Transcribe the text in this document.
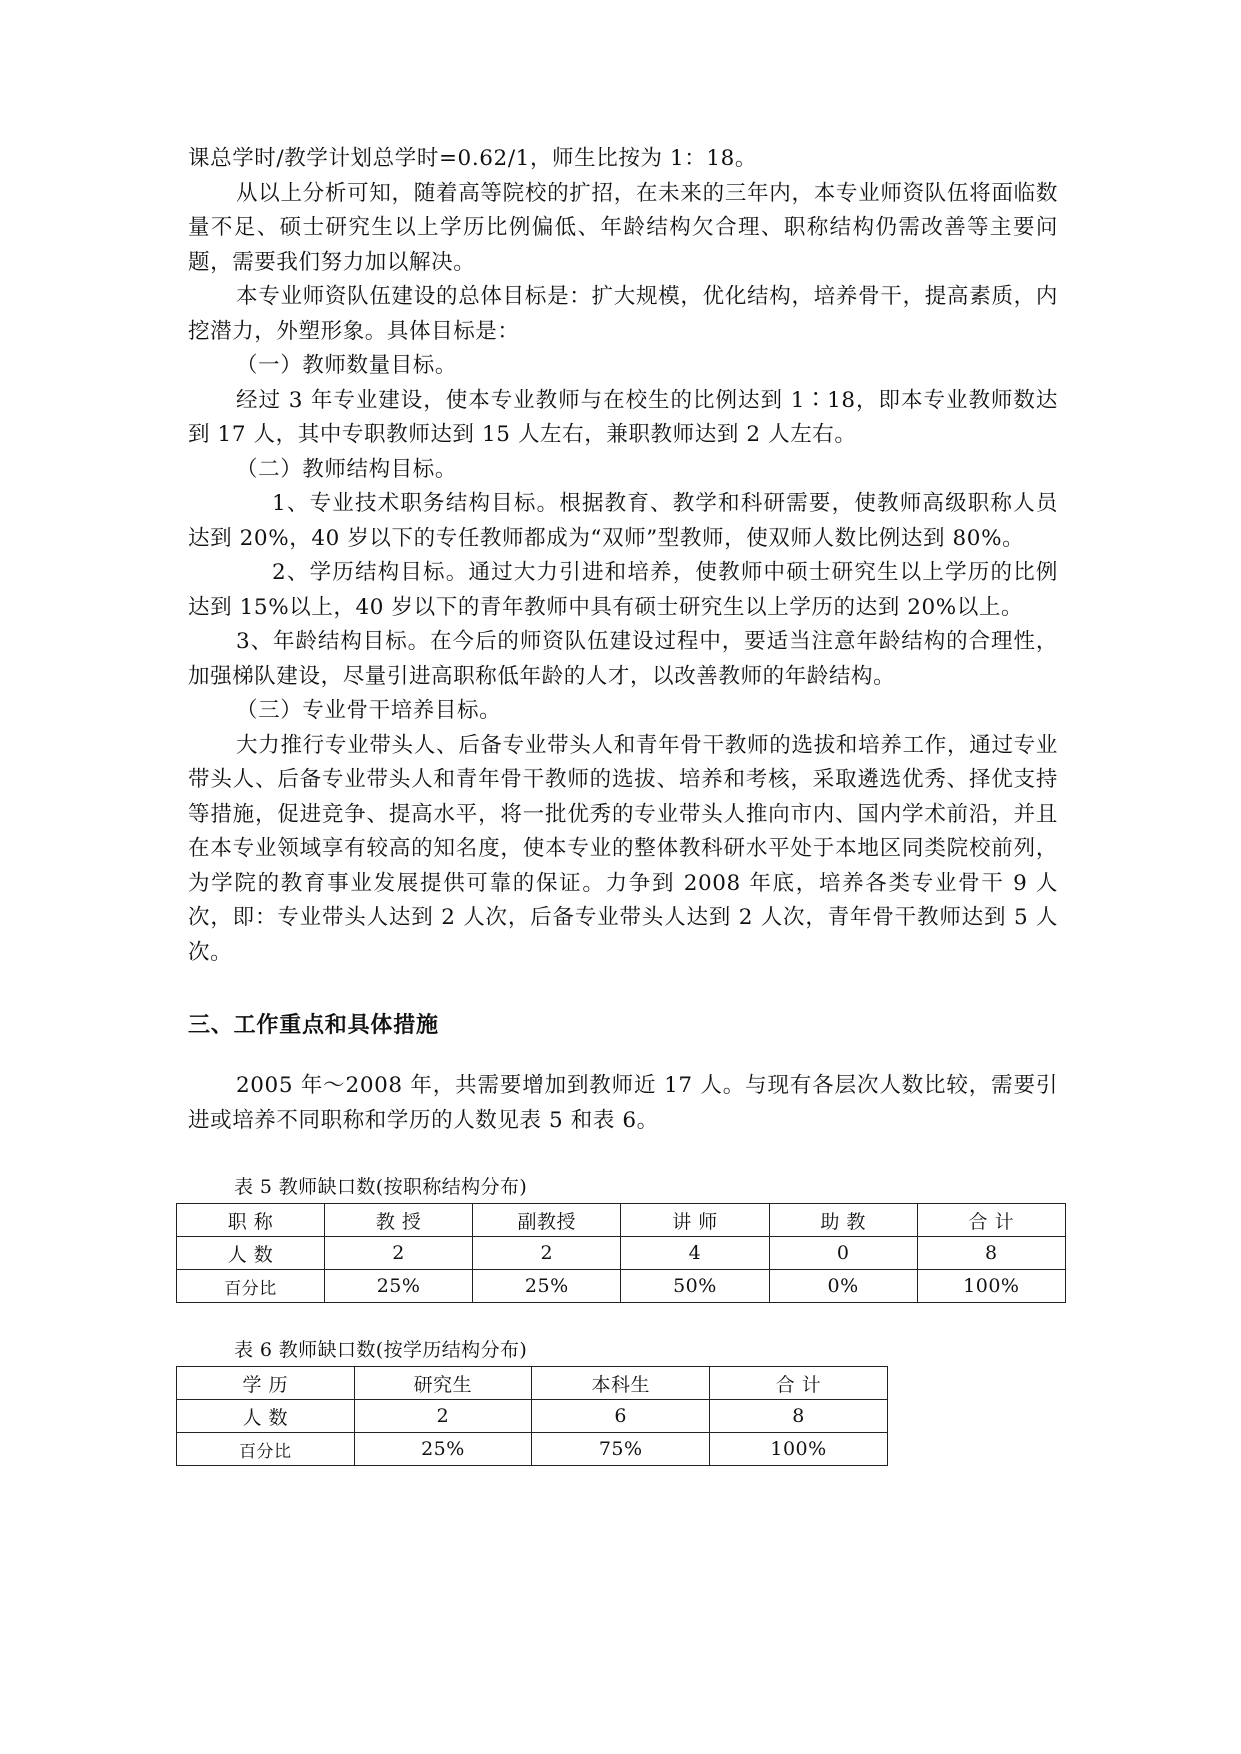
课总学时/教学计划总学时=0.62/1，师生比按为 1：18。

从以上分析可知，随着高等院校的扩招，在未来的三年内，本专业师资队伍将面临数量不足、硕士研究生以上学历比例偏低、年龄结构欠合理、职称结构仍需改善等主要问题，需要我们努力加以解决。

本专业师资队伍建设的总体目标是：扩大规模，优化结构，培养骨干，提高素质，内挖潜力，外塑形象。具体目标是：

（一）教师数量目标。

经过 3 年专业建设，使本专业教师与在校生的比例达到 1∶18，即本专业教师数达到 17 人，其中专职教师达到 15 人左右，兼职教师达到 2 人左右。

（二）教师结构目标。

1、专业技术职务结构目标。根据教育、教学和科研需要，使教师高级职称人员达到 20%，40 岁以下的专任教师都成为“双师”型教师，使双师人数比例达到 80%。

2、学历结构目标。通过大力引进和培养，使教师中硕士研究生以上学历的比例达到 15%以上，40 岁以下的青年教师中具有硕士研究生以上学历的达到 20%以上。

3、年龄结构目标。在今后的师资队伍建设过程中，要适当注意年龄结构的合理性，加强梯队建设，尽量引进高职称低年龄的人才，以改善教师的年龄结构。

（三）专业骨干培养目标。

大力推行专业带头人、后备专业带头人和青年骨干教师的选拔和培养工作，通过专业带头人、后备专业带头人和青年骨干教师的选拔、培养和考核，采取遴选优秀、择优支持等措施，促进竞争、提高水平，将一批优秀的专业带头人推向市内、国内学术前沿，并且在本专业领域享有较高的知名度，使本专业的整体教科研水平处于本地区同类院校前列，为学院的教育事业发展提供可靠的保证。力争到 2008 年底，培养各类专业骨干 9 人次，即：专业带头人达到 2 人次，后备专业带头人达到 2 人次，青年骨干教师达到 5 人次。

三、工作重点和具体措施

2005 年～2008 年，共需要增加到教师近 17 人。与现有各层次人数比较，需要引进或培养不同职称和学历的人数见表 5 和表 6。

表 5 教师缺口数(按职称结构分布)
职 称	教 授	副教授	讲 师	助 教	合 计
人 数	2	2	4	0	8
百分比	25%	25%	50%	0%	100%
表 6 教师缺口数(按学历结构分布)
学 历	研究生	本科生	合 计
人 数	2	6	8
百分比	25%	75%	100%
